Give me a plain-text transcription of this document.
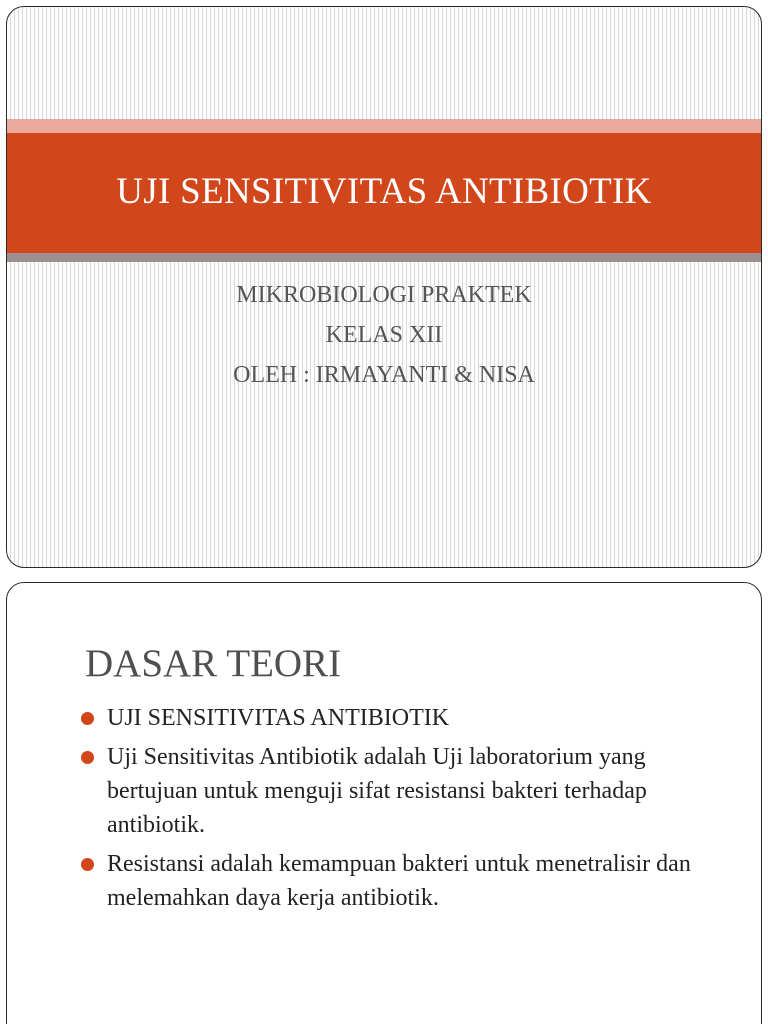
UJI SENSITIVITAS ANTIBIOTIK
MIKROBIOLOGI PRAKTEK
KELAS XII
OLEH : IRMAYANTI & NISA
DASAR TEORI
UJI SENSITIVITAS ANTIBIOTIK
Uji Sensitivitas Antibiotik adalah Uji laboratorium yang bertujuan untuk menguji sifat resistansi bakteri terhadap antibiotik.
Resistansi adalah kemampuan bakteri untuk menetralisir dan melemahkan daya kerja antibiotik.
